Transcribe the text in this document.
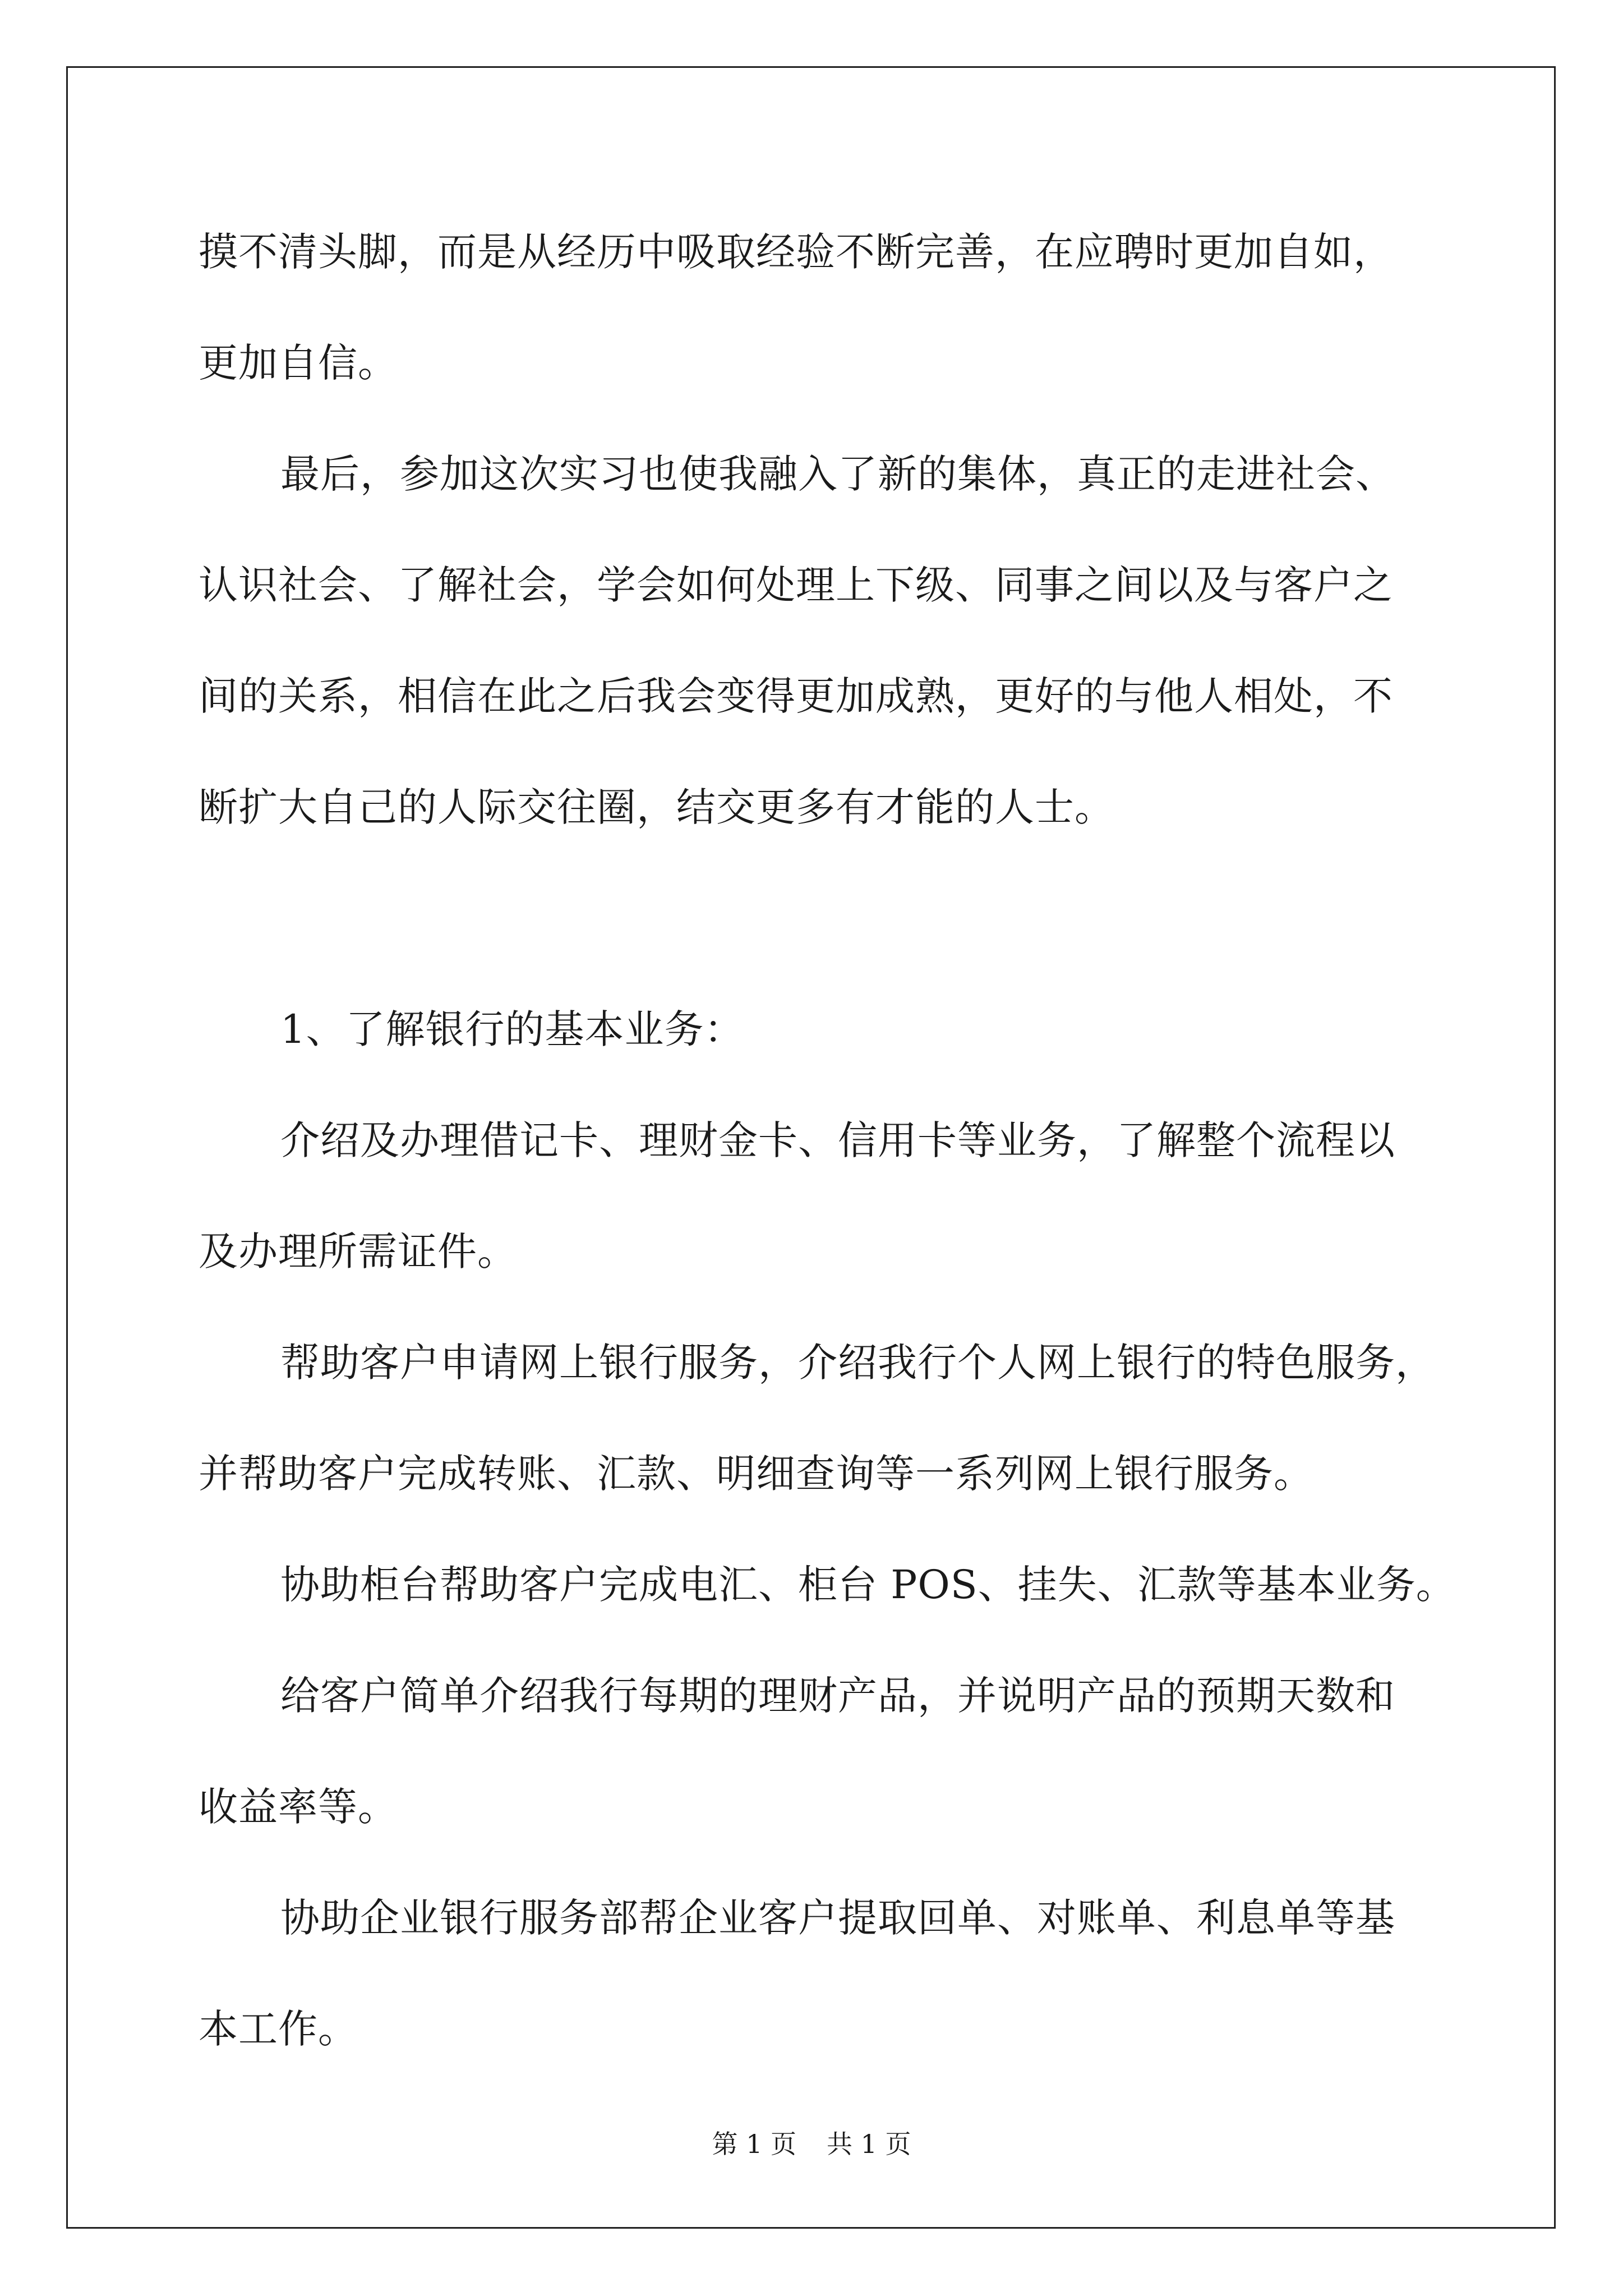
摸不清头脚，而是从经历中吸取经验不断完善，在应聘时更加自如，
更加自信。

最后，参加这次实习也使我融入了新的集体，真正的走进社会、
认识社会、了解社会，学会如何处理上下级、同事之间以及与客户之
间的关系，相信在此之后我会变得更加成熟，更好的与他人相处，不
断扩大自己的人际交往圈，结交更多有才能的人士。

1、了解银行的基本业务：

介绍及办理借记卡、理财金卡、信用卡等业务，了解整个流程以
及办理所需证件。

帮助客户申请网上银行服务，介绍我行个人网上银行的特色服务，
并帮助客户完成转账、汇款、明细查询等一系列网上银行服务。

协助柜台帮助客户完成电汇、柜台 POS、挂失、汇款等基本业务。

给客户简单介绍我行每期的理财产品，并说明产品的预期天数和
收益率等。

协助企业银行服务部帮企业客户提取回单、对账单、利息单等基
本工作。

第 1 页 共 1 页
